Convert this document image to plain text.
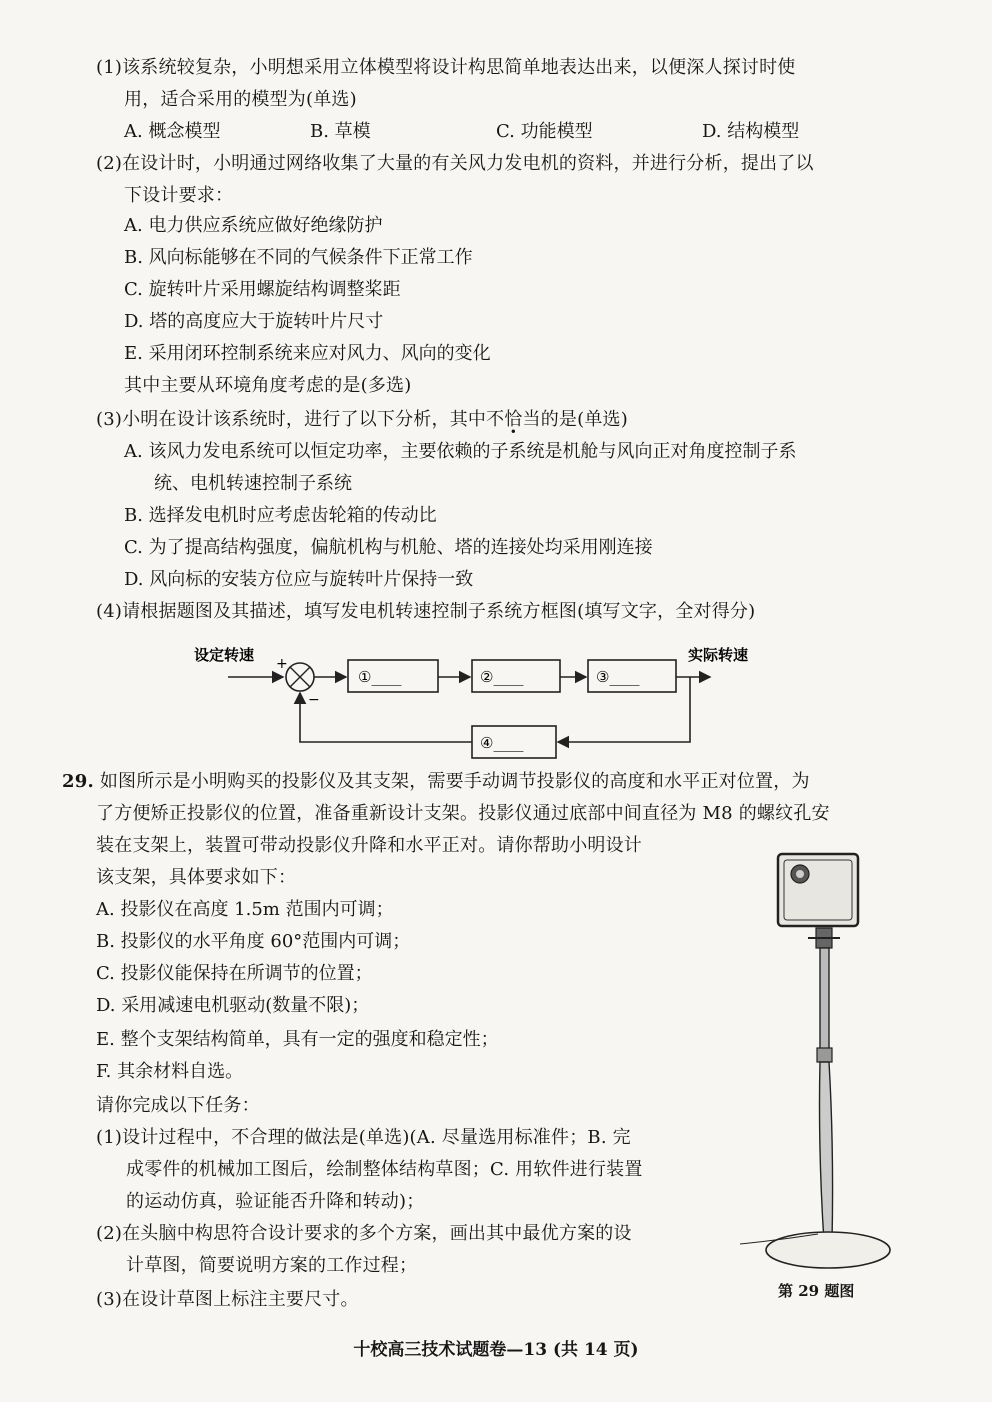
(1)该系统较复杂，小明想采用立体模型将设计构思简单地表达出来，以便深人探讨时使
用，适合采用的模型为(单选)
A. 概念模型	B. 草模	C. 功能模型	D. 结构模型
(2)在设计时，小明通过网络收集了大量的有关风力发电机的资料，并进行分析，提出了以
下设计要求：
A. 电力供应系统应做好绝缘防护
B. 风向标能够在不同的气候条件下正常工作
C. 旋转叶片采用螺旋结构调整桨距
D. 塔的高度应大于旋转叶片尺寸
E. 采用闭环控制系统来应对风力、风向的变化
其中主要从环境角度考虑的是(多选)
(3)小明在设计该系统时，进行了以下分析，其中不恰当的是(单选)
A. 该风力发电系统可以恒定功率，主要依赖的子系统是机舱与风向正对角度控制子系
统、电机转速控制子系统
B. 选择发电机时应考虑齿轮箱的传动比
C. 为了提高结构强度，偏航机构与机舱、塔的连接处均采用刚连接
D. 风向标的安装方位应与旋转叶片保持一致
(4)请根据题图及其描述，填写发电机转速控制子系统方框图(填写文字，全对得分)
设定转速 +
−
①____	②____	③____
实际转速
④____
29. 如图所示是小明购买的投影仪及其支架，需要手动调节投影仪的高度和水平正对位置，为
了方便矫正投影仪的位置，准备重新设计支架。投影仪通过底部中间直径为 M8 的螺纹孔安
装在支架上，装置可带动投影仪升降和水平正对。请你帮助小明设计
该支架，具体要求如下：
A. 投影仪在高度 1.5m 范围内可调；
B. 投影仪的水平角度 60°范围内可调；
C. 投影仪能保持在所调节的位置；
D. 采用减速电机驱动(数量不限)；
E. 整个支架结构简单，具有一定的强度和稳定性；
F. 其余材料自选。
请你完成以下任务：
(1)设计过程中，不合理的做法是(单选)(A. 尽量选用标准件；B. 完
成零件的机械加工图后，绘制整体结构草图；C. 用软件进行装置
的运动仿真，验证能否升降和转动)；
(2)在头脑中构思符合设计要求的多个方案，画出其中最优方案的设
计草图，简要说明方案的工作过程；
(3)在设计草图上标注主要尺寸。	第 29 题图
十校高三技术试题卷—13 (共 14 页)
